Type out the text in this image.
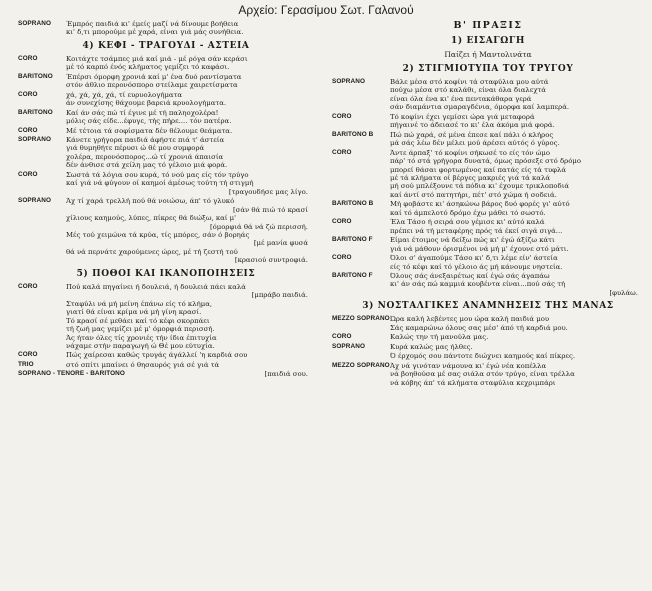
Αρχείο: Γερασίμου Σωτ. Γαλανού
SOPRANO	Έμπρός παιδιά κι' έμείς μαζί νά δίνουμε βοήθεια
κι' δ,τι μπορούμε μέ χαρά, είναι γιά μάς συνήθεια.
4) ΚΕΦΙ - ΤΡΑΓΟΥΔΙ - ΑΣΤΕΙΑ
CORO	Κοιτάχτε τσάμπες μιά καί μιά - μέ ρόγα σάν κεράσι
μέ τό καρπό ένός κλήματος γεμίζει τό καφάσι.
BARITONO	Έπέρσι όμορφη χρονιά καί μ' ένα δυό ραντίσματα
στόν άθλιο περονόσπορο στείλαμε χαιρετίσματα
CORO	χά, χά, χά, χά, τί ευρυολογήματα
άν συνεχίσης θάχουμε βαρειά κρυολογήματα.
BARITONO	Καί άν σάς πώ τί έγινε μέ τή παληοχολέρα!
μόλις σάς είδε...έφυγε, τής πήρε.... τόν πατέρα.
CORO	Μέ τέτοια τά σοφίσματα δέν θέλουμε θεάματα.
SOPRANO	Κάνετε γρήγορα παιδιά άφήστε πιά τ' άστεία
γιά θυμηθήτε πέρυσι ώ θέ μου συμφορά
χολέρα, περονόσπορος...ώ τί χρονιά άπαισία
δέν άνθισε στά χείλη μας τό γέλοιο μιά φορά.
CORO	Σωστά τά λόγια σου κυρά, τό νού μας είς τόν τρύγο
καί γιά νά φύγουν οί καημοί άμέσως τούτη τή στιγμή
[τραγουδήσε μας λίγο.
SOPRANO	Άχ τί χαρά τρελλή πού θά νοιώσω, άπ' τό γλυκό
[σάν θά πιώ τό κρασί
χίλιους καημούς, λύπες, πίκρες θά διώξω, καί μ'
[όμορφιά θά νά ζώ περισσή.
Μές τού χειμώνα τά κρύα, τίς μπόρες, σάν ό βορηάς
[μέ μανία φυσά
θά νά περνάτε χαρούμενες ώρες, μέ τή ζεστή τού
[κρασιού συντροφιά.
5) ΠΟΘΟΙ ΚΑΙ ΙΚΑΝΟΠΟΙΗΣΕΙΣ
CORO	Πού καλά πηγαίνει ή δουλειά, ή δουλειά πάει καλά
[μπράβο παιδιά.
Σταφύλι νά μή μείνη έπάνω είς τό κλήμα,
γιατί θά είναι κρίμα νά μή γίνη κρασί.
Τό κρασί σέ μεθάει καί τό κέφι σκορπάει
τή ζωή μας γεμίζει μέ μ' όμορφιά περισσή.
Άς ήταν όλες τίς χρονιές τήν ίδια έπιτυχία
νάχαμε στήν παραγωγή ώ Θέ μου εύτυχία.
CORO	Πώς χαίρεσαι καθώς τρυγάς άγάλλεί 'η καρδιά σου
TRIO	στό σπίτι μπαίνει ό θησαυρός γιά σέ γιά τά
SOPRANO - TENORE - BARITONO	[παιδιά σου.
Β' ΠΡΑΞΙΣ
1) ΕΙΣΑΓΩΓΗ
Παίζει ή Μαντολινάτα
2) ΣΤΙΓΜΙΟΤΥΠΑ ΤΟΥ ΤΡΥΓΟΥ
SOPRANO	Βάλε μέσα στό κοφίνι τά σταφύλια μου αύτά
πούχω μέσα στό καλάθι, είναι όλα διαλεχτά
είναι όλα ένα κι' ένα πεντακάθαρα γερά
σάν διαμάντια σμαραγδένια, όμορφα καί λαμπερά.
CORO	Τό κοφίνι έχει γεμίσει ώρα γιά μεταφορά
πήγαινέ το άδειασέ το κι' έλα άκόμα μιά φορά.
BARITONO B	Πώ πώ χαρά, σέ μένα έπεσε καί πάλι ό κλήρος
μά σάς λέω δέν μέλει μού άρέσει αύτός ό γύρος.
CORO	Άντε άρπαξ' τό κοφίνι σήκωσέ το είς τόν ώμο
πάρ' τό στά γρήγορα δυνατά, όμως πρόσεξε στό δρόμο
μπορεί θάσαι φορτωμένος καί πατάς είς τά τυφλά
μέ τά κλήματα οί βέργες μακριές γιά τά καλά
μή σού μπλέξουνε τά πόδια κι' έχουμε τρικλοποδιά
καί άντί στό πατητήρι, πέτ' στό χώμα ή σοδειά.
BARITONO B	Μή φοβάστε κι' άσηκώνω βάρος δυό φορές γι' αύτό
καί τό άμπελοτό δρόμο έχω μάθει τό σωστό.
CORO	Έλα Τάσο ή σειρά σου γέμισε κι' αύτό καλά
πρέπει νά τή μεταφέρης πρός τά έκεί σιγά σιγά...
BARITONO F	Είμαι έτοιμος νά δείξω πώς κι' έγώ άξίζω κάτι
γιά νά μάθουν όρισμένοι νά μή μ' έχουνε στό μάτι.
CORO	Όλοι σ' άγαπούμε Τάσο κι' δ,τι λέμε είν' άστεία
είς τό κέφι καί τό γέλοιο άς μή κάνουμε νηστεία.
BARITONO F	Όλους σάς άνεξαιρέτως καί έγώ σάς άγαπάω
κι' άν σάς πώ καμμιά κουβέντα είναι...πού σάς τή
[φυλάω.
3) ΝΟΣΤΑΛΓΙΚΕΣ ΑΝΑΜΝΗΣΕΙΣ ΤΗΣ ΜΑΝΑΣ
MEZZO SOPRANO Ώρα καλή λεβέντες μου ώρα καλή παιδιά μου
Σάς καμαρώνω όλους σας μέσ' άπό τή καρδιά μου.
CORO	Καλώς την τή μανούλα μας.
SOPRANO	Κυρά καλώς μας ήλθες.
Ό έρχομός σου πάντοτε διώχνει καημούς καί πίκρες.
MEZZO SOPRANO Άχ νά γινόταν νάμουνα κι' έγώ νέα κοπέλλα
νά βοηθούσα μέ σας σιάλα στόν τρύγο, είναι τρέλλα
νά κόβης άπ' τά κλήματα σταφύλια κεχριμπάρι
